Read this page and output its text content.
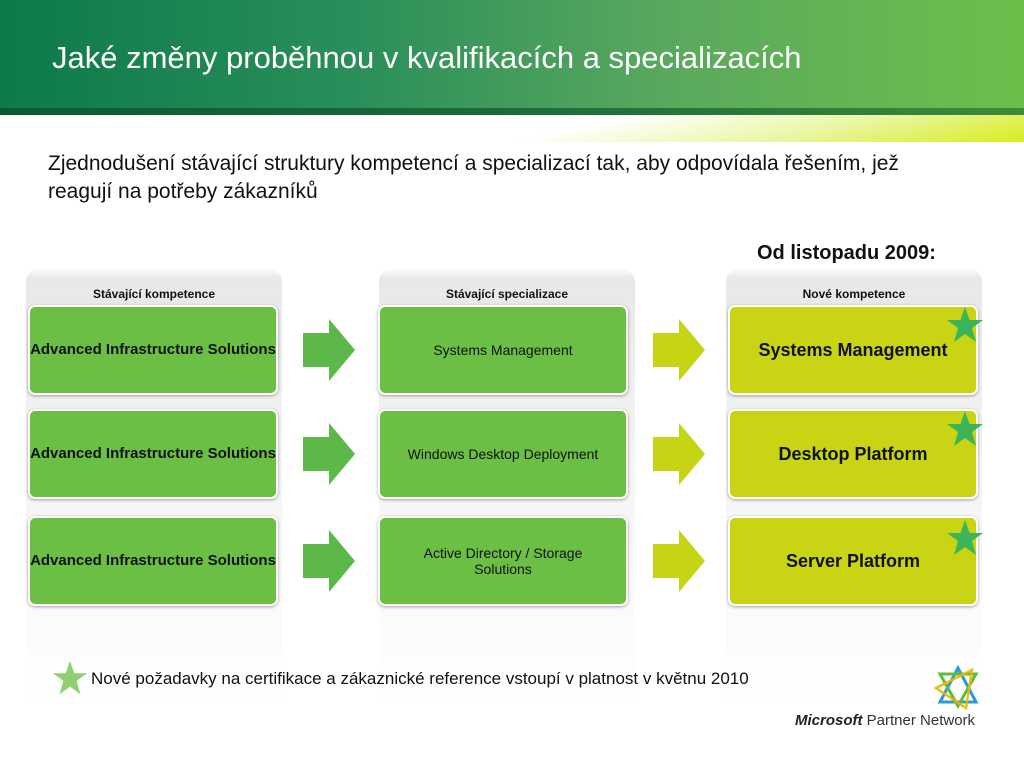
Jaké změny proběhnou v kvalifikacích a specializacích
Zjednodušení stávající struktury kompetencí a specializací tak, aby odpovídala řešením, jež reagují na potřeby zákazníků
Od listopadu 2009:
Stávající kompetence	Stávající specializace	Nové kompetence
Advanced Infrastructure Solutions
Advanced Infrastructure Solutions
Advanced Infrastructure Solutions
Systems Management
Windows Desktop Deployment
Active Directory / Storage Solutions
Systems Management
Desktop Platform
Server Platform
Nové požadavky na certifikace a zákaznické reference vstoupí v platnost v květnu 2010
Microsoft Partner Network
